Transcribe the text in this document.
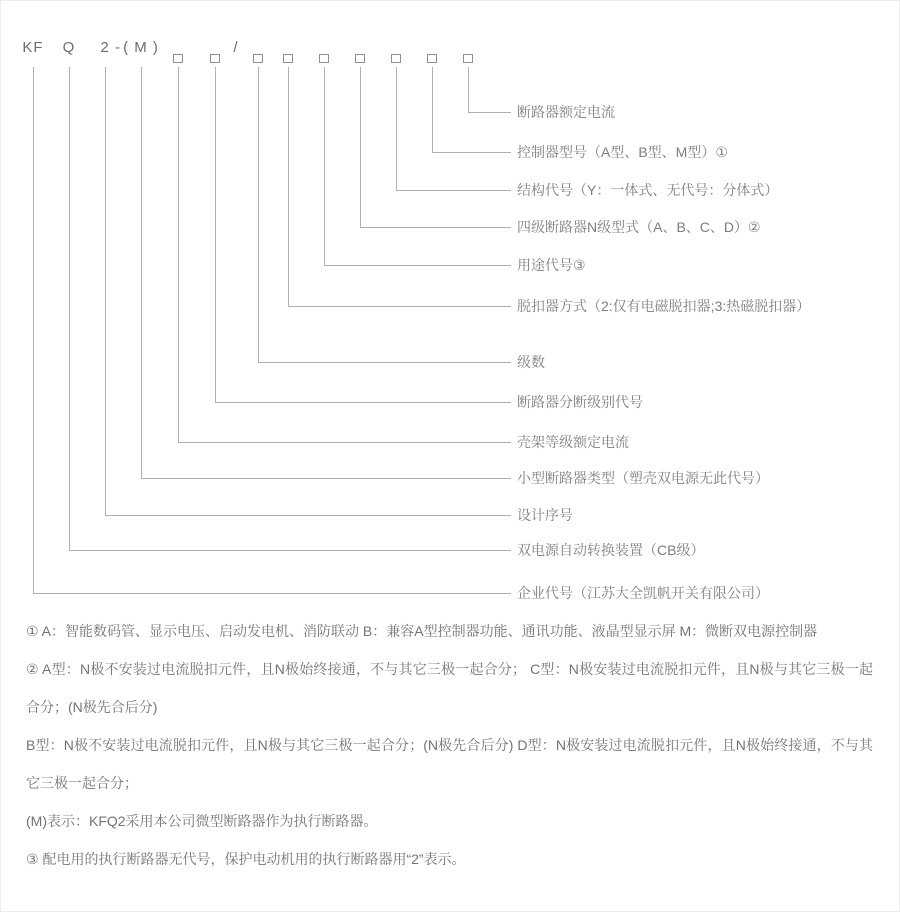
KF
企业代号（江苏大全凯帆开关有限公司）
Q
双电源自动转换装置（CB级）
2
设计序号
( M )
小型断路器类型（塑壳双电源无此代号）
壳架等级额定电流
断路器分断级别代号
级数
脱扣器方式（2:仅有电磁脱扣器;3:热磁脱扣器）
用途代号③
四级断路器N级型式（A、B、C、D）②
结构代号（Y：一体式、无代号：分体式）
控制器型号（A型、B型、M型）①
断路器额定电流
-	/
① A：智能数码管、显示电压、启动发电机、消防联动 B：兼容A型控制器功能、通讯功能、液晶型显示屏 M：微断双电源控制器
② A型：N极不安装过电流脱扣元件，且N极始终接通，不与其它三极一起合分； C型：N极安装过电流脱扣元件，且N极与其它三极一起合分；(N极先合后分)
B型：N极不安装过电流脱扣元件，且N极与其它三极一起合分；(N极先合后分) D型：N极安装过电流脱扣元件，且N极始终接通，不与其它三极一起合分；
(M)表示：KFQ2采用本公司微型断路器作为执行断路器。
③ 配电用的执行断路器无代号，保护电动机用的执行断路器用“2”表示。
